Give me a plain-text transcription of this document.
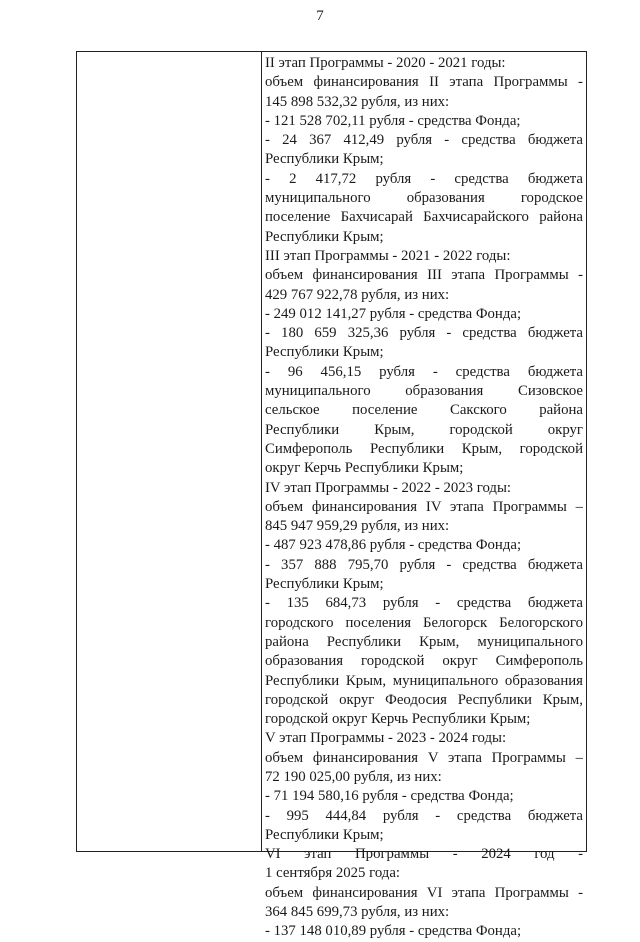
7
II этап Программы - 2020 - 2021 годы:
объем финансирования II этапа Программы -
145 898 532,32 рубля, из них:
- 121 528 702,11 рубля - средства Фонда;
- 24 367 412,49 рубля - средства бюджета
Республики Крым;
- 2 417,72 рубля - средства бюджета
муниципального образования городское
поселение Бахчисарай Бахчисарайского района
Республики Крым;
III этап Программы - 2021 - 2022 годы:
объем финансирования III этапа Программы -
429 767 922,78 рубля, из них:
- 249 012 141,27 рубля - средства Фонда;
- 180 659 325,36 рубля - средства бюджета
Республики Крым;
- 96 456,15 рубля - средства бюджета
муниципального образования Сизовское
сельское поселение Сакского района
Республики Крым, городской округ
Симферополь Республики Крым, городской
округ Керчь Республики Крым;
IV этап Программы - 2022 - 2023 годы:
объем финансирования IV этапа Программы –
845 947 959,29 рубля, из них:
- 487 923 478,86 рубля - средства Фонда;
- 357 888 795,70 рубля - средства бюджета
Республики Крым;
- 135 684,73 рубля - средства бюджета
городского поселения Белогорск Белогорского
района Республики Крым, муниципального
образования городской округ Симферополь
Республики Крым, муниципального образования
городской округ Феодосия Республики Крым,
городской округ Керчь Республики Крым;
V этап Программы - 2023 - 2024 годы:
объем финансирования V этапа Программы –
72 190 025,00 рубля, из них:
- 71 194 580,16 рубля - средства Фонда;
- 995 444,84 рубля - средства бюджета
Республики Крым;
VI этап Программы - 2024 год -
1 сентября 2025 года:
объем финансирования VI этапа Программы -
364 845 699,73 рубля, из них:
- 137 148 010,89 рубля - средства Фонда;
